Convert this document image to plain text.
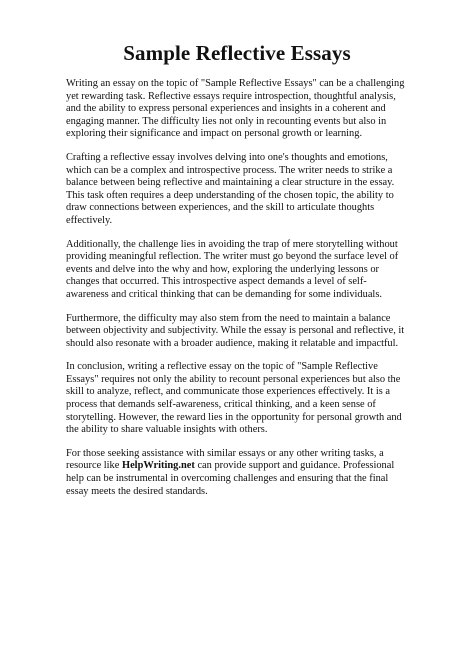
Sample Reflective Essays

Writing an essay on the topic of "Sample Reflective Essays" can be a challenging yet rewarding task. Reflective essays require introspection, thoughtful analysis, and the ability to express personal experiences and insights in a coherent and engaging manner. The difficulty lies not only in recounting events but also in exploring their significance and impact on personal growth or learning.

Crafting a reflective essay involves delving into one's thoughts and emotions, which can be a complex and introspective process. The writer needs to strike a balance between being reflective and maintaining a clear structure in the essay. This task often requires a deep understanding of the chosen topic, the ability to draw connections between experiences, and the skill to articulate thoughts effectively.

Additionally, the challenge lies in avoiding the trap of mere storytelling without providing meaningful reflection. The writer must go beyond the surface level of events and delve into the why and how, exploring the underlying lessons or changes that occurred. This introspective aspect demands a level of self-awareness and critical thinking that can be demanding for some individuals.

Furthermore, the difficulty may also stem from the need to maintain a balance between objectivity and subjectivity. While the essay is personal and reflective, it should also resonate with a broader audience, making it relatable and impactful.

In conclusion, writing a reflective essay on the topic of "Sample Reflective Essays" requires not only the ability to recount personal experiences but also the skill to analyze, reflect, and communicate those experiences effectively. It is a process that demands self-awareness, critical thinking, and a keen sense of storytelling. However, the reward lies in the opportunity for personal growth and the ability to share valuable insights with others.

For those seeking assistance with similar essays or any other writing tasks, a resource like HelpWriting.net can provide support and guidance. Professional help can be instrumental in overcoming challenges and ensuring that the final essay meets the desired standards.
